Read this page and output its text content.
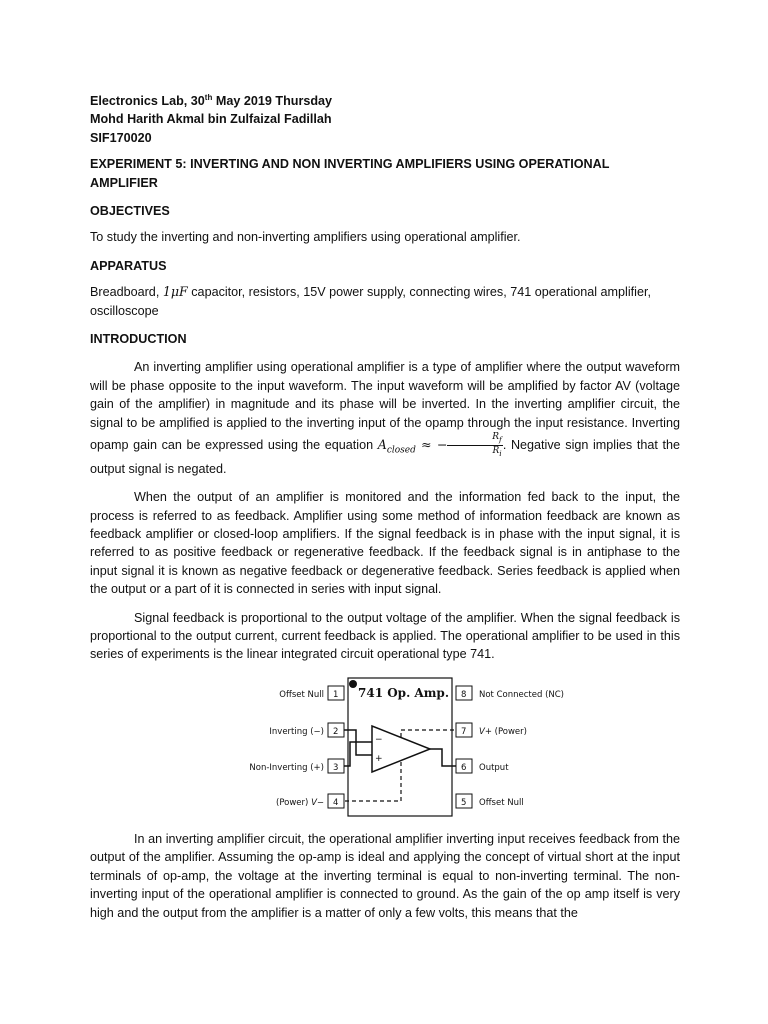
Electronics Lab, 30th May 2019 Thursday

Mohd Harith Akmal bin Zulfaizal Fadillah

SIF170020

EXPERIMENT 5: INVERTING AND NON INVERTING AMPLIFIERS USING OPERATIONAL AMPLIFIER

OBJECTIVES

To study the inverting and non-inverting amplifiers using operational amplifier.

APPARATUS

Breadboard, 1μF capacitor, resistors, 15V power supply, connecting wires, 741 operational amplifier, oscilloscope

INTRODUCTION

An inverting amplifier using operational amplifier is a type of amplifier where the output waveform will be phase opposite to the input waveform. The input waveform will be amplified by factor AV (voltage gain of the amplifier) in magnitude and its phase will be inverted. In the inverting amplifier circuit, the signal to be amplified is applied to the inverting input of the opamp through the input resistance. Inverting opamp gain can be expressed using the equation $A_{closed}$ ≈ − $\frac{R_f}{R_i}$ . Negative sign implies that the output signal is negated.

When the output of an amplifier is monitored and the information fed back to the input, the process is referred to as feedback. Amplifier using some method of information feedback are known as feedback amplifier or closed-loop amplifiers. If the signal feedback is in phase with the input signal, it is referred to as positive feedback or regenerative feedback. If the feedback signal is in antiphase to the input signal it is known as negative feedback or degenerative feedback. Series feedback is applied when the output or a part of it is connected in series with input signal.

Signal feedback is proportional to the output voltage of the amplifier. When the signal feedback is proportional to the output current, current feedback is applied. The operational amplifier to be used in this series of experiments is the linear integrated circuit operational type 741.

741 Op. Amp.
1
Offset Null
2
Inverting (−)
3
Non-Inverting (+)
4
(Power) V−
8 Not Connected (NC)
7 V+ (Power)
6 Output
5 Offset Null
−
+

In an inverting amplifier circuit, the operational amplifier inverting input receives feedback from the output of the amplifier. Assuming the op-amp is ideal and applying the concept of virtual short at the input terminals of op-amp, the voltage at the inverting terminal is equal to non-inverting terminal. The non-inverting input of the operational amplifier is connected to ground. As the gain of the op amp itself is very high and the output from the amplifier is a matter of only a few volts, this means that the
